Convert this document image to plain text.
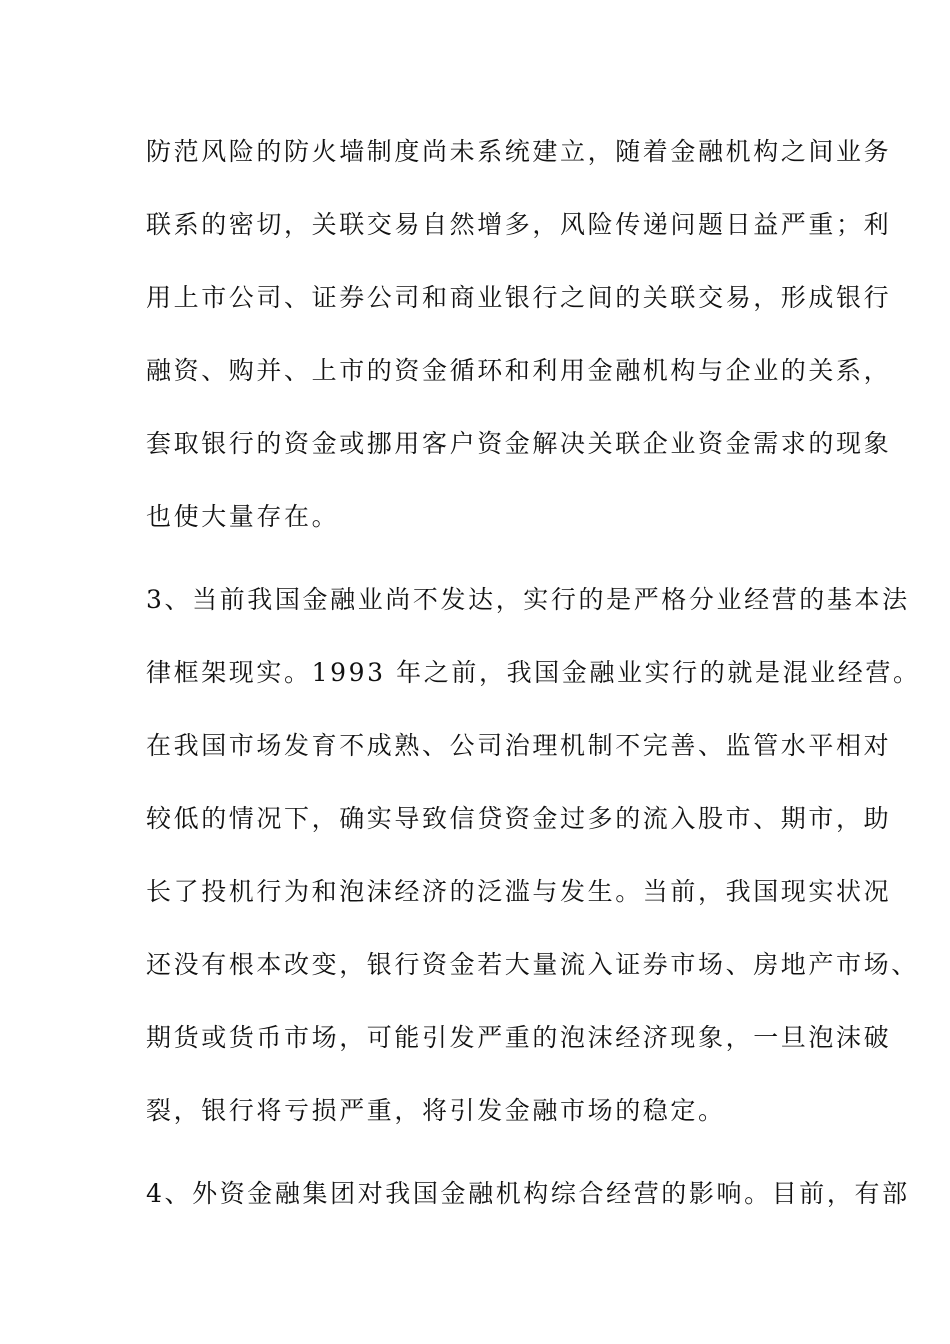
防范风险的防火墙制度尚未系统建立，随着金融机构之间业务
联系的密切，关联交易自然增多，风险传递问题日益严重；利
用上市公司、证券公司和商业银行之间的关联交易，形成银行
融资、购并、上市的资金循环和利用金融机构与企业的关系，
套取银行的资金或挪用客户资金解决关联企业资金需求的现象
也使大量存在。
3、当前我国金融业尚不发达，实行的是严格分业经营的基本法
律框架现实。1993 年之前，我国金融业实行的就是混业经营。
在我国市场发育不成熟、公司治理机制不完善、监管水平相对
较低的情况下，确实导致信贷资金过多的流入股市、期市，助
长了投机行为和泡沫经济的泛滥与发生。当前，我国现实状况
还没有根本改变，银行资金若大量流入证券市场、房地产市场、
期货或货币市场，可能引发严重的泡沫经济现象，一旦泡沫破
裂，银行将亏损严重，将引发金融市场的稳定。
4、外资金融集团对我国金融机构综合经营的影响。目前，有部
